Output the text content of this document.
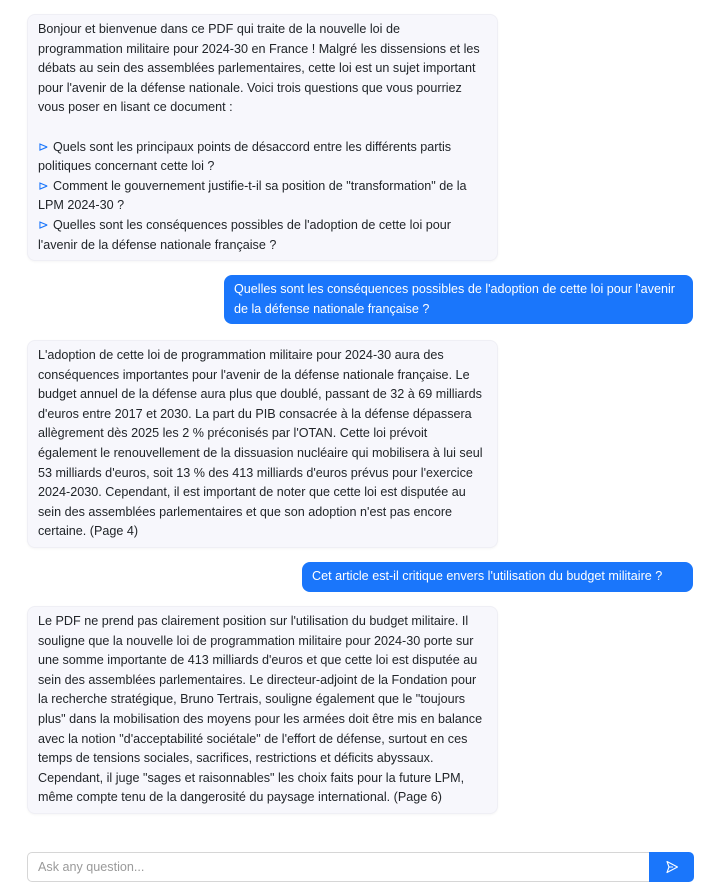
Bonjour et bienvenue dans ce PDF qui traite de la nouvelle loi de programmation militaire pour 2024-30 en France ! Malgré les dissensions et les débats au sein des assemblées parlementaires, cette loi est un sujet important pour l'avenir de la défense nationale. Voici trois questions que vous pourriez vous poser en lisant ce document :
⊳ Quels sont les principaux points de désaccord entre les différents partis politiques concernant cette loi ?
⊳ Comment le gouvernement justifie-t-il sa position de "transformation" de la LPM 2024-30 ?
⊳ Quelles sont les conséquences possibles de l'adoption de cette loi pour l'avenir de la défense nationale française ?
Quelles sont les conséquences possibles de l'adoption de cette loi pour l'avenir de la défense nationale française ?
L'adoption de cette loi de programmation militaire pour 2024-30 aura des conséquences importantes pour l'avenir de la défense nationale française. Le budget annuel de la défense aura plus que doublé, passant de 32 à 69 milliards d'euros entre 2017 et 2030. La part du PIB consacrée à la défense dépassera allègrement dès 2025 les 2 % préconisés par l'OTAN. Cette loi prévoit également le renouvellement de la dissuasion nucléaire qui mobilisera à lui seul 53 milliards d'euros, soit 13 % des 413 milliards d'euros prévus pour l'exercice 2024-2030. Cependant, il est important de noter que cette loi est disputée au sein des assemblées parlementaires et que son adoption n'est pas encore certaine. (Page 4)
Cet article est-il critique envers l'utilisation du budget militaire ?
Le PDF ne prend pas clairement position sur l'utilisation du budget militaire. Il souligne que la nouvelle loi de programmation militaire pour 2024-30 porte sur une somme importante de 413 milliards d'euros et que cette loi est disputée au sein des assemblées parlementaires. Le directeur-adjoint de la Fondation pour la recherche stratégique, Bruno Tertrais, souligne également que le "toujours plus" dans la mobilisation des moyens pour les armées doit être mis en balance avec la notion "d'acceptabilité sociétale" de l'effort de défense, surtout en ces temps de tensions sociales, sacrifices, restrictions et déficits abyssaux. Cependant, il juge "sages et raisonnables" les choix faits pour la future LPM, même compte tenu de la dangerosité du paysage international. (Page 6)
Ask any question...
